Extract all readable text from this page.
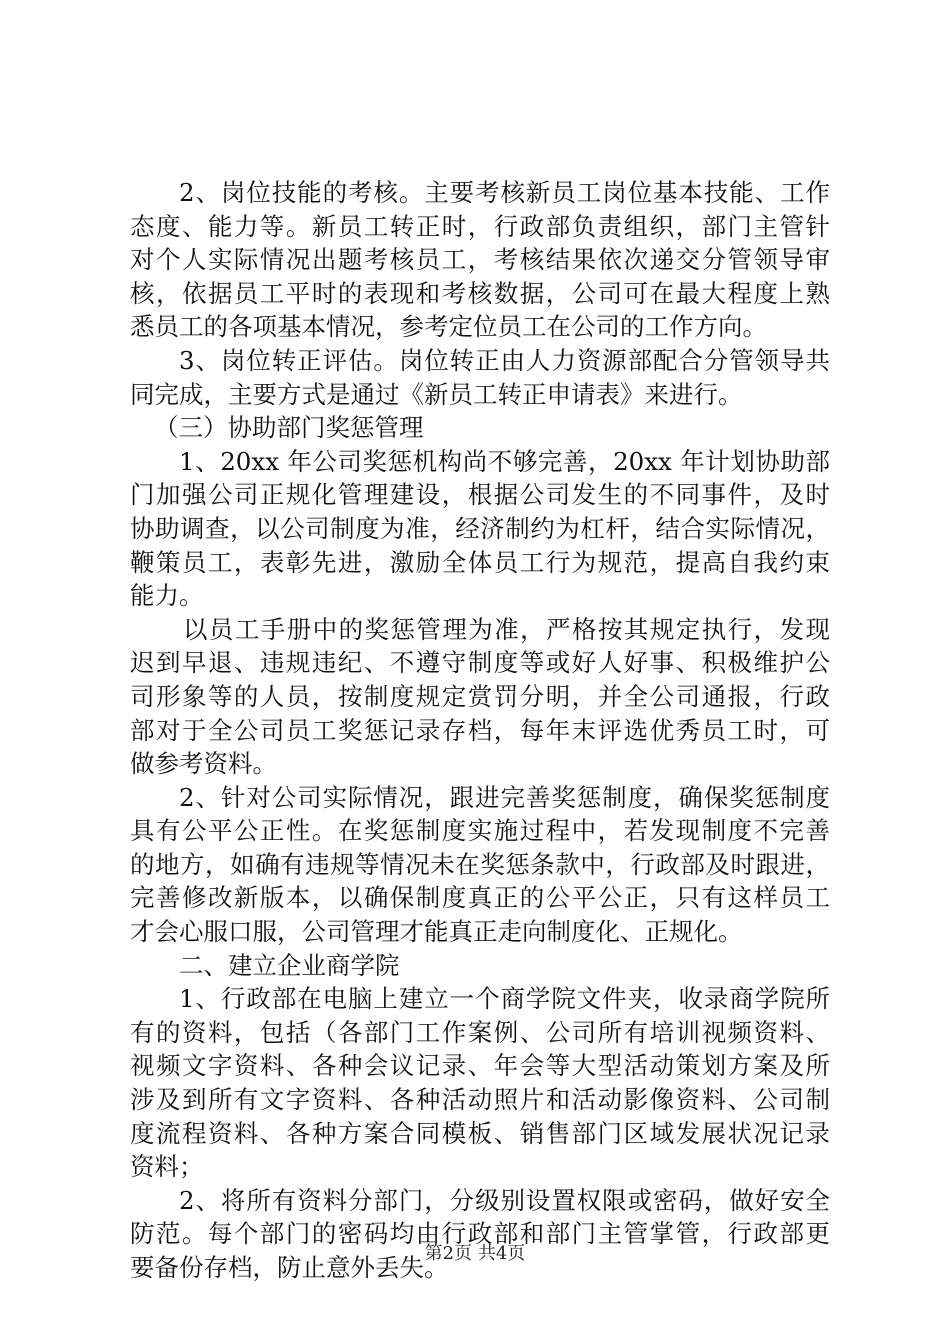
2、岗位技能的考核。主要考核新员工岗位基本技能、工作
态度、能力等。新员工转正时，行政部负责组织，部门主管针
对个人实际情况出题考核员工，考核结果依次递交分管领导审
核，依据员工平时的表现和考核数据，公司可在最大程度上熟
悉员工的各项基本情况，参考定位员工在公司的工作方向。
3、岗位转正评估。岗位转正由人力资源部配合分管领导共
同完成，主要方式是通过《新员工转正申请表》来进行。
（三）协助部门奖惩管理
1、20xx 年公司奖惩机构尚不够完善，20xx 年计划协助部
门加强公司正规化管理建设，根据公司发生的不同事件，及时
协助调查，以公司制度为准，经济制约为杠杆，结合实际情况，
鞭策员工，表彰先进，激励全体员工行为规范，提高自我约束
能力。
以员工手册中的奖惩管理为准，严格按其规定执行，发现
迟到早退、违规违纪、不遵守制度等或好人好事、积极维护公
司形象等的人员，按制度规定赏罚分明，并全公司通报，行政
部对于全公司员工奖惩记录存档，每年末评选优秀员工时，可
做参考资料。
2、针对公司实际情况，跟进完善奖惩制度，确保奖惩制度
具有公平公正性。在奖惩制度实施过程中，若发现制度不完善
的地方，如确有违规等情况未在奖惩条款中，行政部及时跟进，
完善修改新版本，以确保制度真正的公平公正，只有这样员工
才会心服口服，公司管理才能真正走向制度化、正规化。
二、建立企业商学院
1、行政部在电脑上建立一个商学院文件夹，收录商学院所
有的资料，包括（各部门工作案例、公司所有培训视频资料、
视频文字资料、各种会议记录、年会等大型活动策划方案及所
涉及到所有文字资料、各种活动照片和活动影像资料、公司制
度流程资料、各种方案合同模板、销售部门区域发展状况记录
资料；
2、将所有资料分部门，分级别设置权限或密码，做好安全
防范。每个部门的密码均由行政部和部门主管掌管，行政部更
要备份存档，防止意外丢失。
第2页 共4页
